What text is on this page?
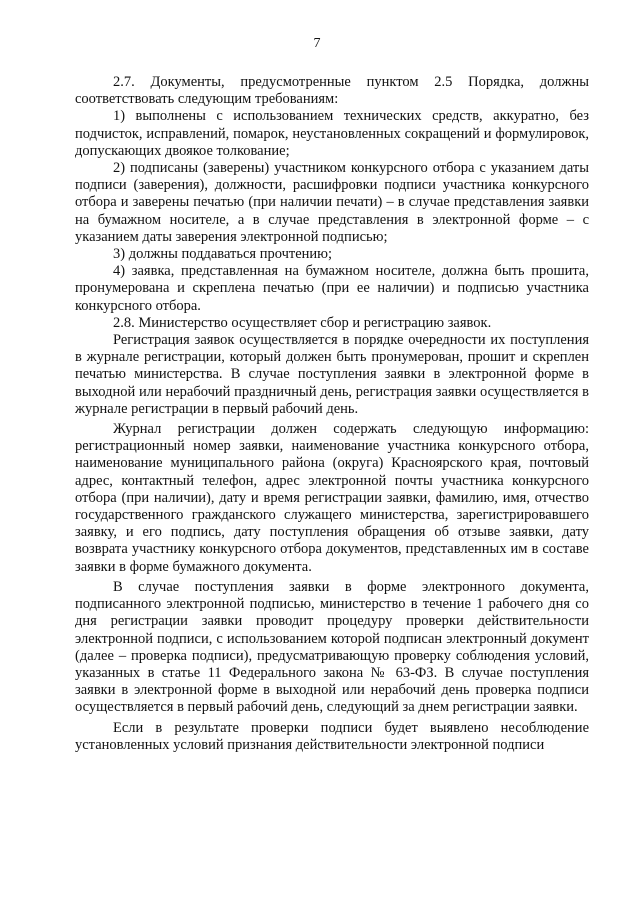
7

2.7. Документы, предусмотренные пунктом 2.5 Порядка, должны соответствовать следующим требованиям:

1) выполнены с использованием технических средств, аккуратно, без подчисток, исправлений, помарок, неустановленных сокращений и формулировок, допускающих двоякое толкование;

2) подписаны (заверены) участником конкурсного отбора с указанием даты подписи (заверения), должности, расшифровки подписи участника конкурсного отбора и заверены печатью (при наличии печати) – в случае представления заявки на бумажном носителе, а в случае представления в электронной форме – с указанием даты заверения электронной подписью;

3) должны поддаваться прочтению;

4) заявка, представленная на бумажном носителе, должна быть прошита, пронумерована и скреплена печатью (при ее наличии) и подписью участника конкурсного отбора.

2.8. Министерство осуществляет сбор и регистрацию заявок.

Регистрация заявок осуществляется в порядке очередности их поступления в журнале регистрации, который должен быть пронумерован, прошит и скреплен печатью министерства. В случае поступления заявки в электронной форме в выходной или нерабочий праздничный день, регистрация заявки осуществляется в журнале регистрации в первый рабочий день.

Журнал регистрации должен содержать следующую информацию: регистрационный номер заявки, наименование участника конкурсного отбора, наименование муниципального района (округа) Красноярского края, почтовый адрес, контактный телефон, адрес электронной почты участника конкурсного отбора (при наличии), дату и время регистрации заявки, фамилию, имя, отчество государственного гражданского служащего министерства, зарегистрировавшего заявку, и его подпись, дату поступления обращения об отзыве заявки, дату возврата участнику конкурсного отбора документов, представленных им в составе заявки в форме бумажного документа.

В случае поступления заявки в форме электронного документа, подписанного электронной подписью, министерство в течение 1 рабочего дня со дня регистрации заявки проводит процедуру проверки действительности электронной подписи, с использованием которой подписан электронный документ (далее – проверка подписи), предусматривающую проверку соблюдения условий, указанных в статье 11 Федерального закона № 63-ФЗ. В случае поступления заявки в электронной форме в выходной или нерабочий день проверка подписи осуществляется в первый рабочий день, следующий за днем регистрации заявки.

Если в результате проверки подписи будет выявлено несоблюдение установленных условий признания действительности электронной подписи
